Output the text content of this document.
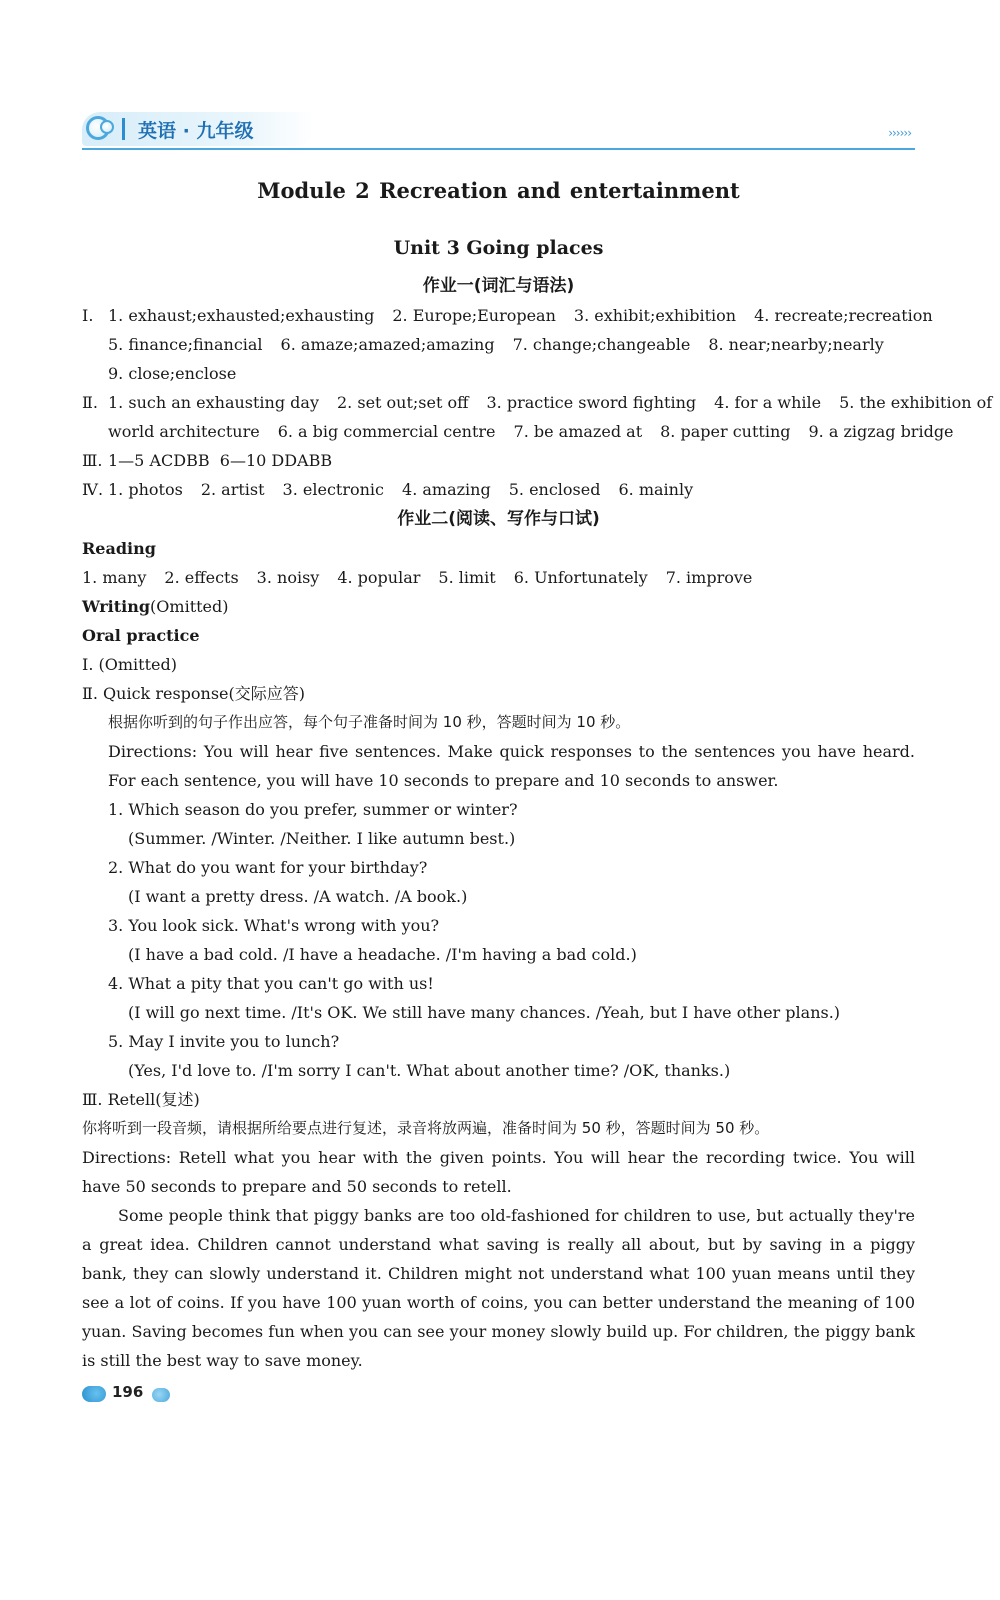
英语 · 九年级	››››››
Module 2 Recreation and entertainment
Unit 3 Going places
作业一(词汇与语法)
Ⅰ. 1. exhaust;exhausted;exhausting 2. Europe;European 3. exhibit;exhibition 4. recreate;recreation
5. finance;financial 6. amaze;amazed;amazing 7. change;changeable 8. near;nearby;nearly
9. close;enclose
Ⅱ. 1. such an exhausting day 2. set out;set off 3. practice sword fighting 4. for a while 5. the exhibition of
world architecture 6. a big commercial centre 7. be amazed at 8. paper cutting 9. a zigzag bridge
Ⅲ. 1—5 ACDBB  6—10 DDABB
Ⅳ. 1. photos 2. artist 3. electronic 4. amazing 5. enclosed 6. mainly
作业二(阅读、写作与口试)
Reading
1. many 2. effects 3. noisy 4. popular 5. limit 6. Unfortunately 7. improve
Writing(Omitted)
Oral practice
Ⅰ. (Omitted)
Ⅱ. Quick response(交际应答)
根据你听到的句子作出应答，每个句子准备时间为 10 秒，答题时间为 10 秒。
Directions: You will hear five sentences. Make quick responses to the sentences you have heard. For each sentence, you will have 10 seconds to prepare and 10 seconds to answer.
1. Which season do you prefer, summer or winter?
(Summer. /Winter. /Neither. I like autumn best.)
2. What do you want for your birthday?
(I want a pretty dress. /A watch. /A book.)
3. You look sick. What's wrong with you?
(I have a bad cold. /I have a headache. /I'm having a bad cold.)
4. What a pity that you can't go with us!
(I will go next time. /It's OK. We still have many chances. /Yeah, but I have other plans.)
5. May I invite you to lunch?
(Yes, I'd love to. /I'm sorry I can't. What about another time? /OK, thanks.)
Ⅲ. Retell(复述)
你将听到一段音频，请根据所给要点进行复述，录音将放两遍，准备时间为 50 秒，答题时间为 50 秒。
Directions: Retell what you hear with the given points. You will hear the recording twice. You will have 50 seconds to prepare and 50 seconds to retell.
Some people think that piggy banks are too old-fashioned for children to use, but actually they're a great idea. Children cannot understand what saving is really all about, but by saving in a piggy bank, they can slowly understand it. Children might not understand what 100 yuan means until they see a lot of coins. If you have 100 yuan worth of coins, you can better understand the meaning of 100 yuan. Saving becomes fun when you can see your money slowly build up. For children, the piggy bank is still the best way to save money.
196
